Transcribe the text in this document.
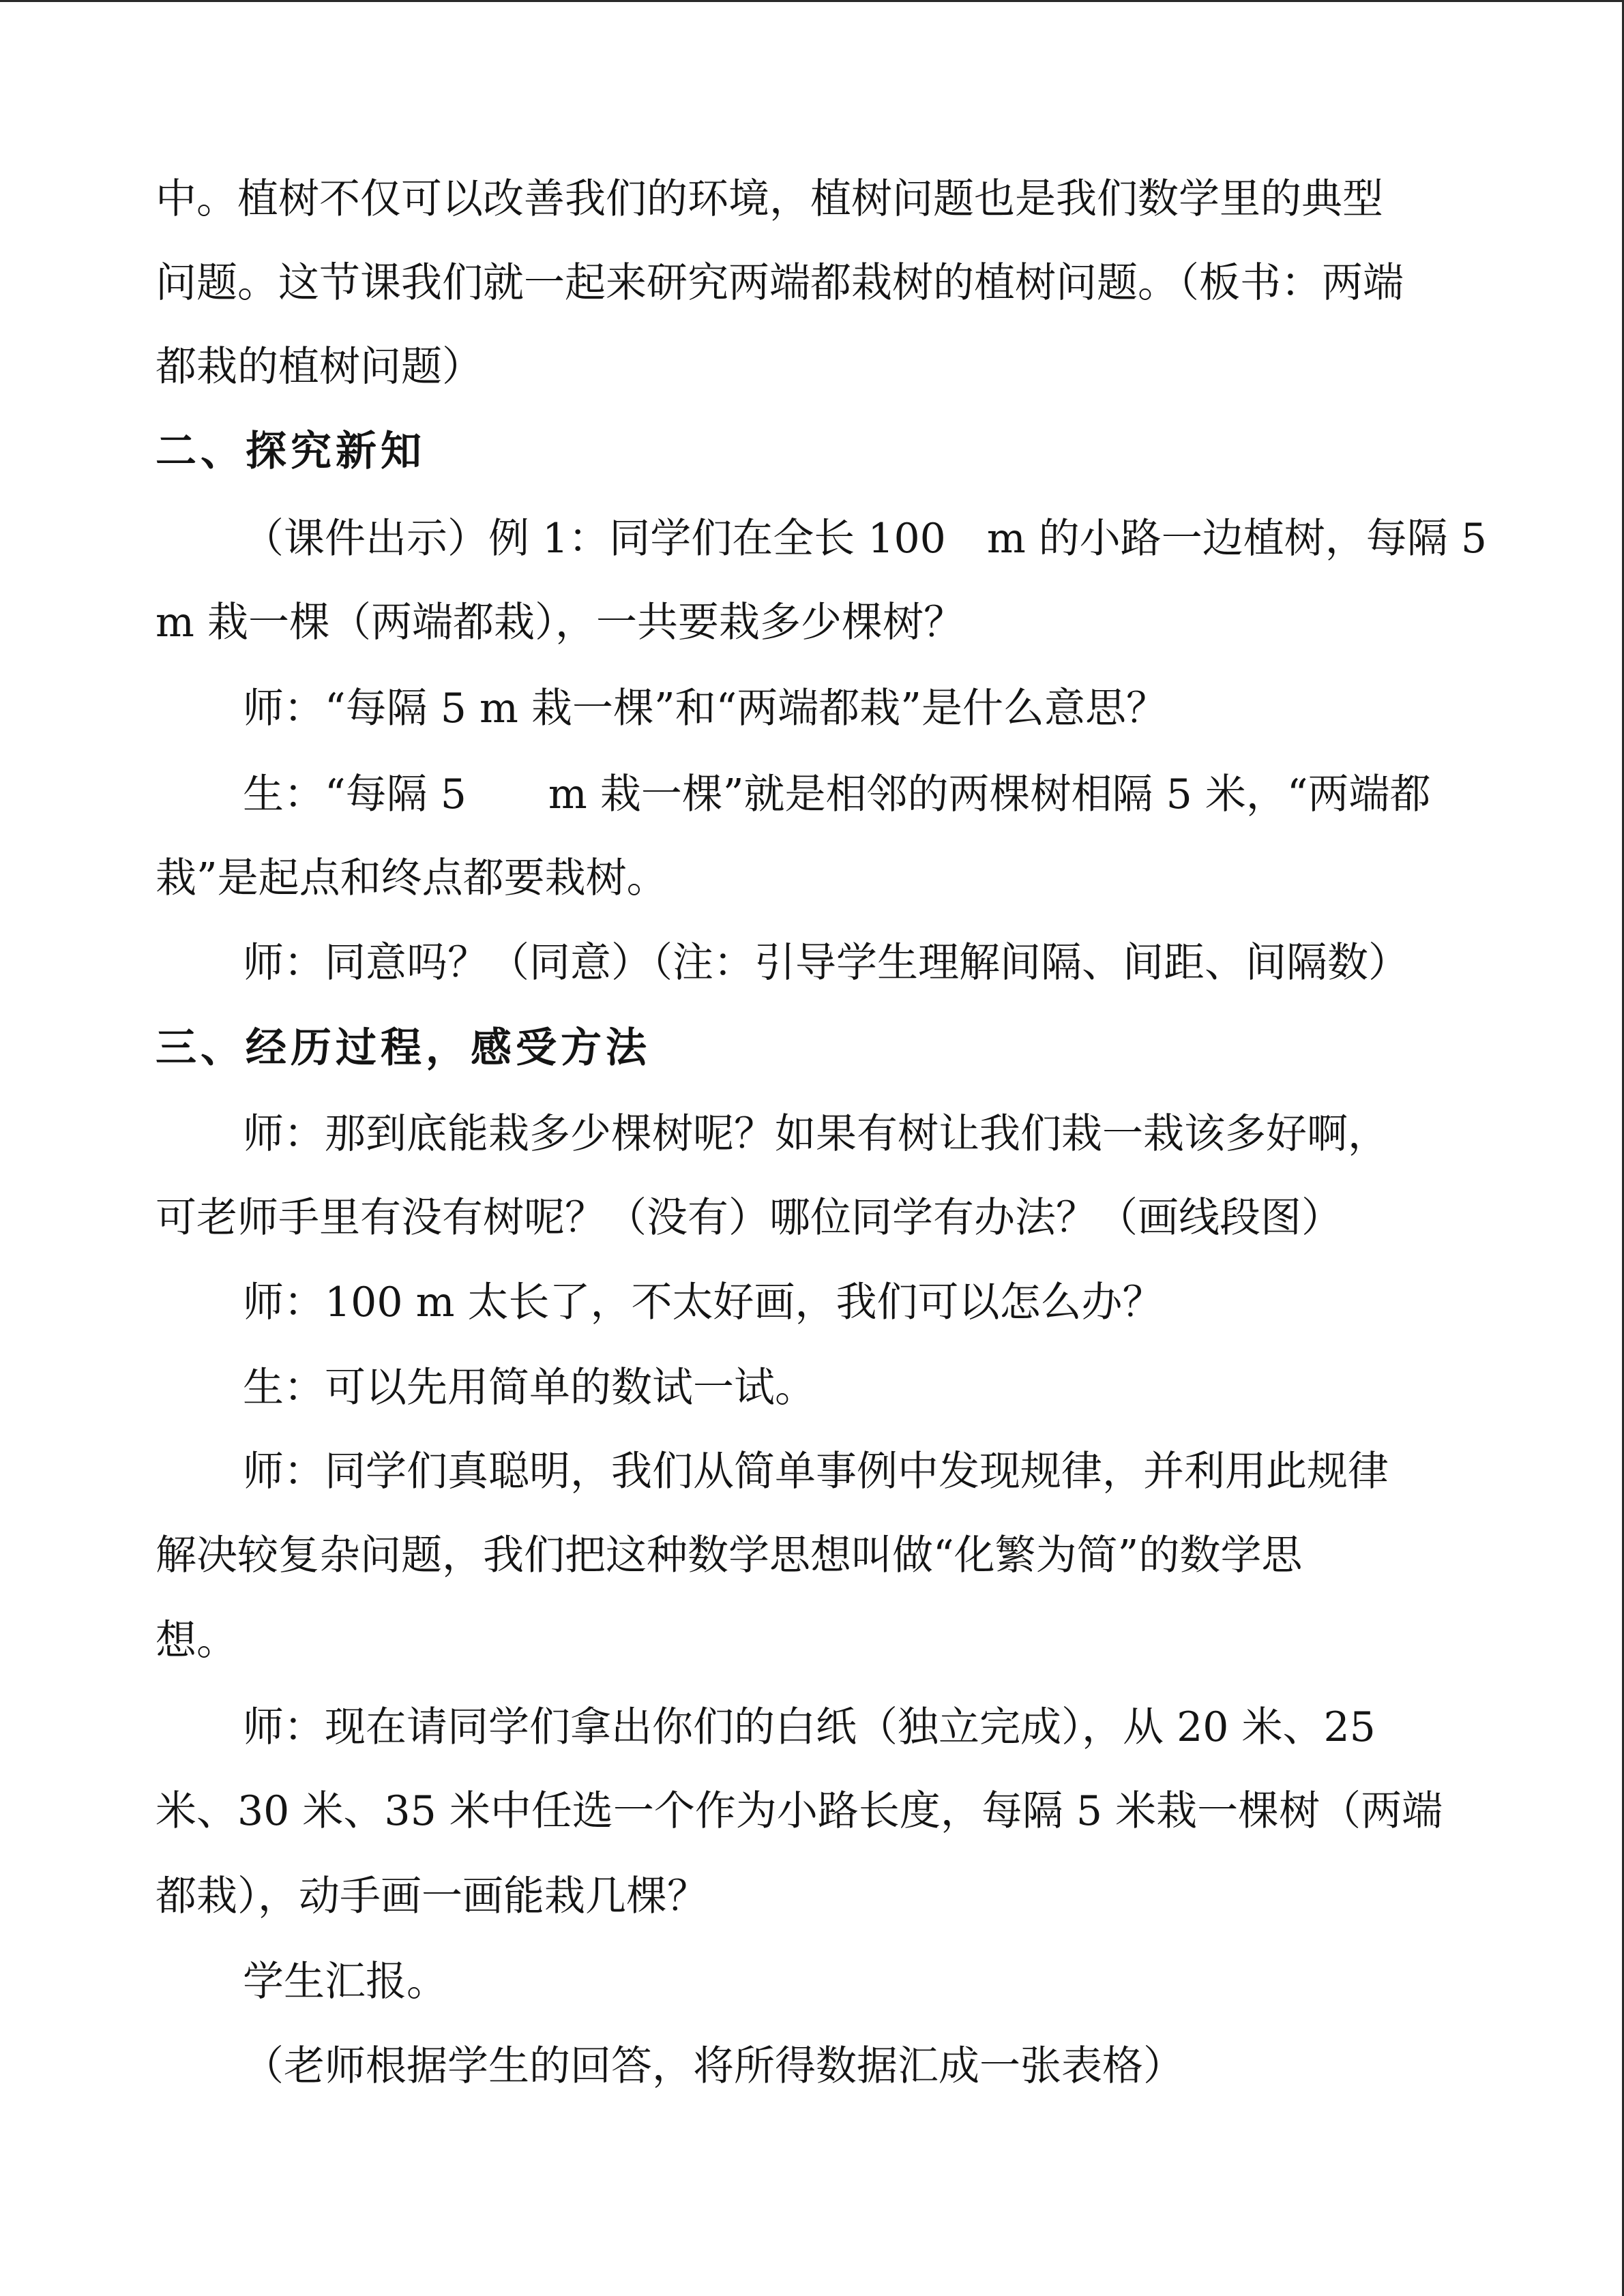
中。植树不仅可以改善我们的环境，植树问题也是我们数学里的典型
问题。这节课我们就一起来研究两端都栽树的植树问题。（板书：两端
都栽的植树问题）
二、探究新知
（课件出示）例 1：同学们在全长 100　m 的小路一边植树，每隔 5
m 栽一棵（两端都栽），一共要栽多少棵树？
师：“每隔 5 m 栽一棵”和“两端都栽”是什么意思？
生：“每隔 5　　m 栽一棵”就是相邻的两棵树相隔 5 米，“两端都
栽”是起点和终点都要栽树。
师：同意吗？（同意）（注：引导学生理解间隔、间距、间隔数）
三、经历过程，感受方法
师：那到底能栽多少棵树呢？如果有树让我们栽一栽该多好啊，
可老师手里有没有树呢？（没有）哪位同学有办法？（画线段图）
师：100 m 太长了，不太好画，我们可以怎么办？
生：可以先用简单的数试一试。
师：同学们真聪明，我们从简单事例中发现规律，并利用此规律
解决较复杂问题，我们把这种数学思想叫做“化繁为简”的数学思
想。
师：现在请同学们拿出你们的白纸（独立完成），从 20 米、25
米、30 米、35 米中任选一个作为小路长度，每隔 5 米栽一棵树（两端
都栽），动手画一画能栽几棵？
学生汇报。
（老师根据学生的回答，将所得数据汇成一张表格）
